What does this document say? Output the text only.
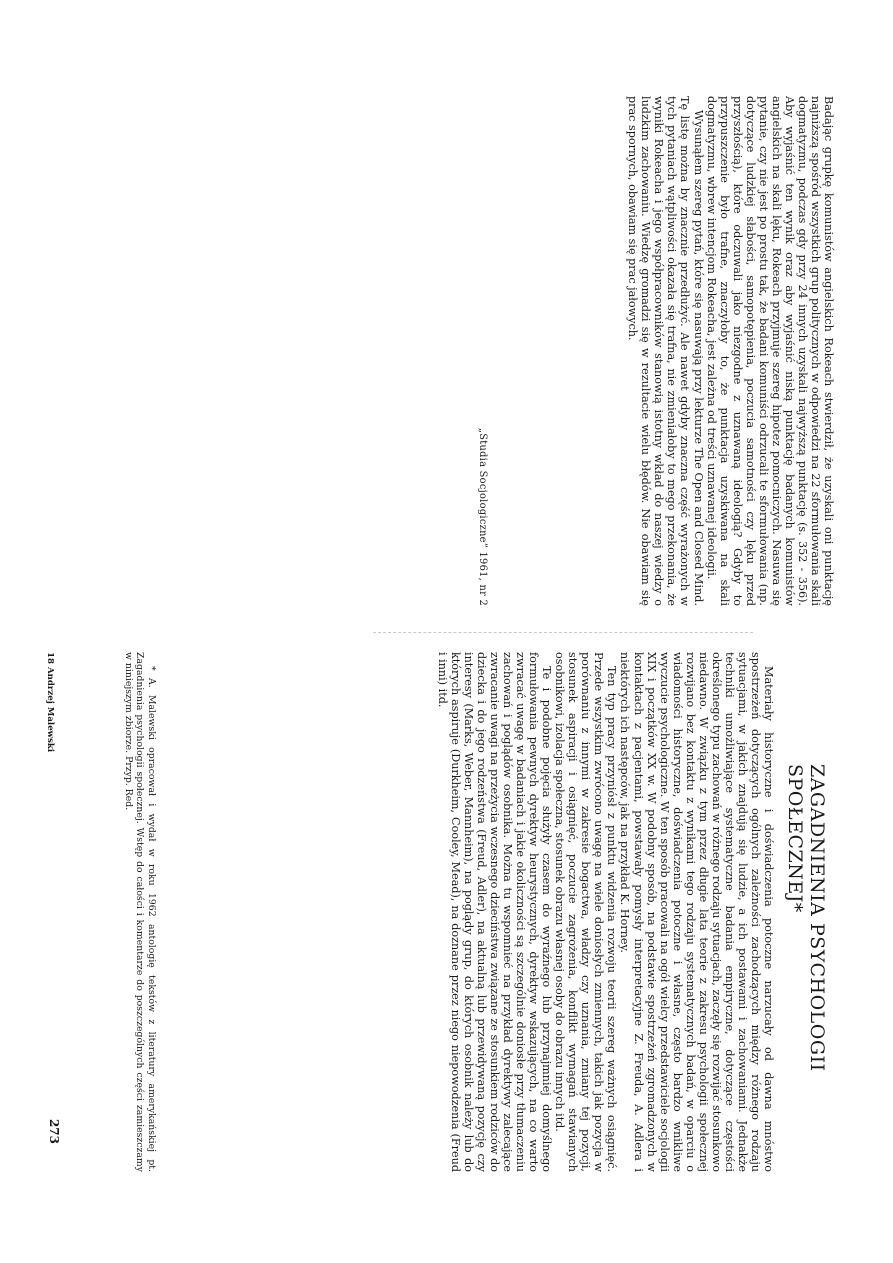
Badając grupkę komunistów angielskich Rokeach stwierdził, że uzyskali oni punktację najniższą spośród wszystkich grup politycznych w odpowiedzi na 22 sformułowania skali dogmatyzmu, podczas gdy przy 24 innych uzyskali najwyższą punktację (s. 352 - 356). Aby wyjaśnić ten wynik oraz aby wyjaśnić niską punktację badanych komunistów angielskich na skali lęku, Rokeach przyjmuje szereg hipotez pomocniczych. Nasuwa się pytanie, czy nie jest po prostu tak, że badani komuniści odrzucali te sformułowania (np. dotyczące ludzkiej słabości, samopotępienia, poczucia samotności czy lęku przed przyszłością), które odczuwali jako niezgodne z uznawaną ideologią? Gdyby to przypuszczenie było trafne, znaczyłoby to, że punktacja uzyskiwana na skali dogmatyzmu, wbrew intencjom Rokeacha, jest zależna od treści uznawanej ideologii.

Wysunąłem szereg pytań, które się nasuwają przy lekturze The Open and Closed Mind. Tę listę można by znacznie przedłużyć. Ale nawet gdyby znaczna część wyrażonych w tych pytaniach wątpliwości okazała się trafna, nie zmieniałoby to mego przekonania, że wyniki Rokeacha i jego współpracowników stanowią istotny wkład do naszej wiedzy o ludzkim zachowaniu. Wiedzę gromadzi się w rezultacie wielu błędów. Nie obawiam się prac spornych, obawiam się prac jałowych.

„Studia Socjologiczne” 1961, nr 2
ZAGADNIENIA PSYCHOLOGII SPOŁECZNEJ*

Materiały historyczne i doświadczenia potoczne narzucały od dawna mnóstwo spostrzeżeń dotyczących ogólnych zależności zachodzących między różnego rodzaju sytuacjami, w jakich znajdują się ludzie, a ich postawami i zachowaniami. Jednakże techniki umożliwiające systematyczne badania empiryczne, dotyczące częstości określonego typu zachowań w różnego rodzaju sytuacjach, zaczęły się rozwijać stosunkowo niedawno. W związku z tym przez długie lata teorie z zakresu psychologii społecznej rozwijano bez kontaktu z wynikami tego rodzaju systematycznych badań, w oparciu o wiadomości historyczne, doświadczenia potoczne i własne, często bardzo wnikliwe wyczucie psychologiczne. W ten sposób pracowali na ogół wielcy przedstawiciele socjologii XIX i początków XX w. W podobny sposób, na podstawie spostrzeżeń zgromadzonych w kontaktach z pacjentami, powstawały pomysły interpretacyjne Z. Freuda, A. Adlera i niektórych ich następców, jak na przykład K. Horney.

Ten typ pracy przyniósł z punktu widzenia rozwoju teorii szereg ważnych osiągnięć. Przede wszystkim zwrócono uwagę na wiele doniosłych zmiennych, takich jak pozycja w porównaniu z innymi w zakresie bogactwa, władzy czy uznania, zmiany tej pozycji, stosunek aspiracji i osiągnięć, poczucie zagrożenia, konflikt wymagań stawianych osobnikowi, izolacja społeczna, stosunek obrazu własnej osoby do obrazu innych itd.

Te i podobne pojęcia służyły czasem do wyraźnego lub przynajmniej domyślnego formułowania pewnych dyrektyw heurystycznych, dyrektyw wskazujących, na co warto zwracać uwagę w badaniach i jakie okoliczności są szczególnie doniosłe przy tłumaczeniu zachowań i poglądów osobnika. Można tu wspomnieć na przykład dyrektywy zalecające zwracanie uwagi na przeżycia wczesnego dzieciństwa związane ze stosunkiem rodziców do dziecka i do jego rodzeństwa (Freud, Adler), na aktualną lub przewidywaną pozycję czy interesy (Marks, Weber, Mannheim), na poglądy grup, do których osobnik należy lub do których aspiruje (Durkheim, Cooley, Mead), na doznane przez niego niepowodzenia (Freud i inni) itd.

* A. Malewski opracował i wydał w roku 1962 antologię tekstów z literatury amerykańskiej pt. Zagadnienia psychologii społecznej. Wstęp do całości i komentarze do poszczególnych części zamieszczamy w niniejszym zbiorze. Przyp. Red.

18 Andrzej Malewski
273
